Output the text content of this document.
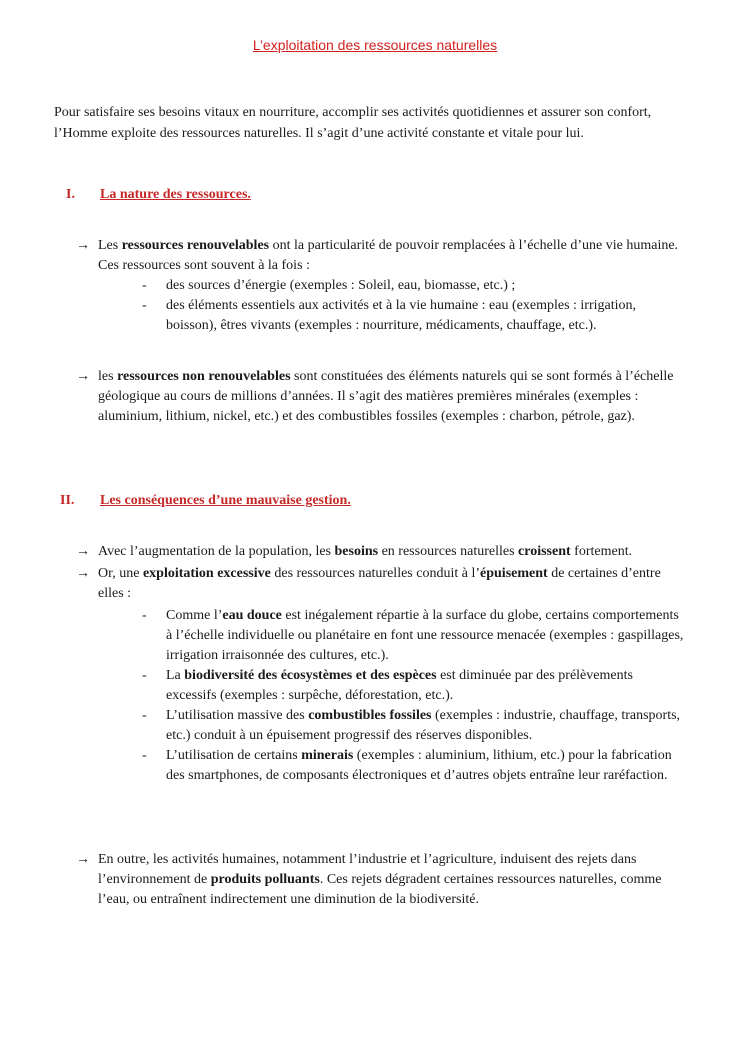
L’exploitation des ressources naturelles
Pour satisfaire ses besoins vitaux en nourriture, accomplir ses activités quotidiennes et assurer son confort, l’Homme exploite des ressources naturelles. Il s’agit d’une activité constante et vitale pour lui.
I. La nature des ressources.
→ Les ressources renouvelables ont la particularité de pouvoir remplacées à l’échelle d’une vie humaine. Ces ressources sont souvent à la fois :
- des sources d’énergie (exemples : Soleil, eau, biomasse, etc.) ;
- des éléments essentiels aux activités et à la vie humaine : eau (exemples : irrigation, boisson), êtres vivants (exemples : nourriture, médicaments, chauffage, etc.).
→ les ressources non renouvelables sont constituées des éléments naturels qui se sont formés à l’échelle géologique au cours de millions d’années. Il s’agit des matières premières minérales (exemples : aluminium, lithium, nickel, etc.) et des combustibles fossiles (exemples : charbon, pétrole, gaz).
II. Les conséquences d’une mauvaise gestion.
→ Avec l’augmentation de la population, les besoins en ressources naturelles croissent fortement.
→ Or, une exploitation excessive des ressources naturelles conduit à l’épuisement de certaines d’entre elles :
- Comme l’eau douce est inégalement répartie à la surface du globe, certains comportements à l’échelle individuelle ou planétaire en font une ressource menacée (exemples : gaspillages, irrigation irraisonnée des cultures, etc.).
- La biodiversité des écosystèmes et des espèces est diminuée par des prélèvements excessifs (exemples : surpêche, déforestation, etc.).
- L’utilisation massive des combustibles fossiles (exemples : industrie, chauffage, transports, etc.) conduit à un épuisement progressif des réserves disponibles.
- L’utilisation de certains minerais (exemples : aluminium, lithium, etc.) pour la fabrication des smartphones, de composants électroniques et d’autres objets entraîne leur raréfaction.
→ En outre, les activités humaines, notamment l’industrie et l’agriculture, induisent des rejets dans l’environnement de produits polluants. Ces rejets dégradent certaines ressources naturelles, comme l’eau, ou entraînent indirectement une diminution de la biodiversité.
